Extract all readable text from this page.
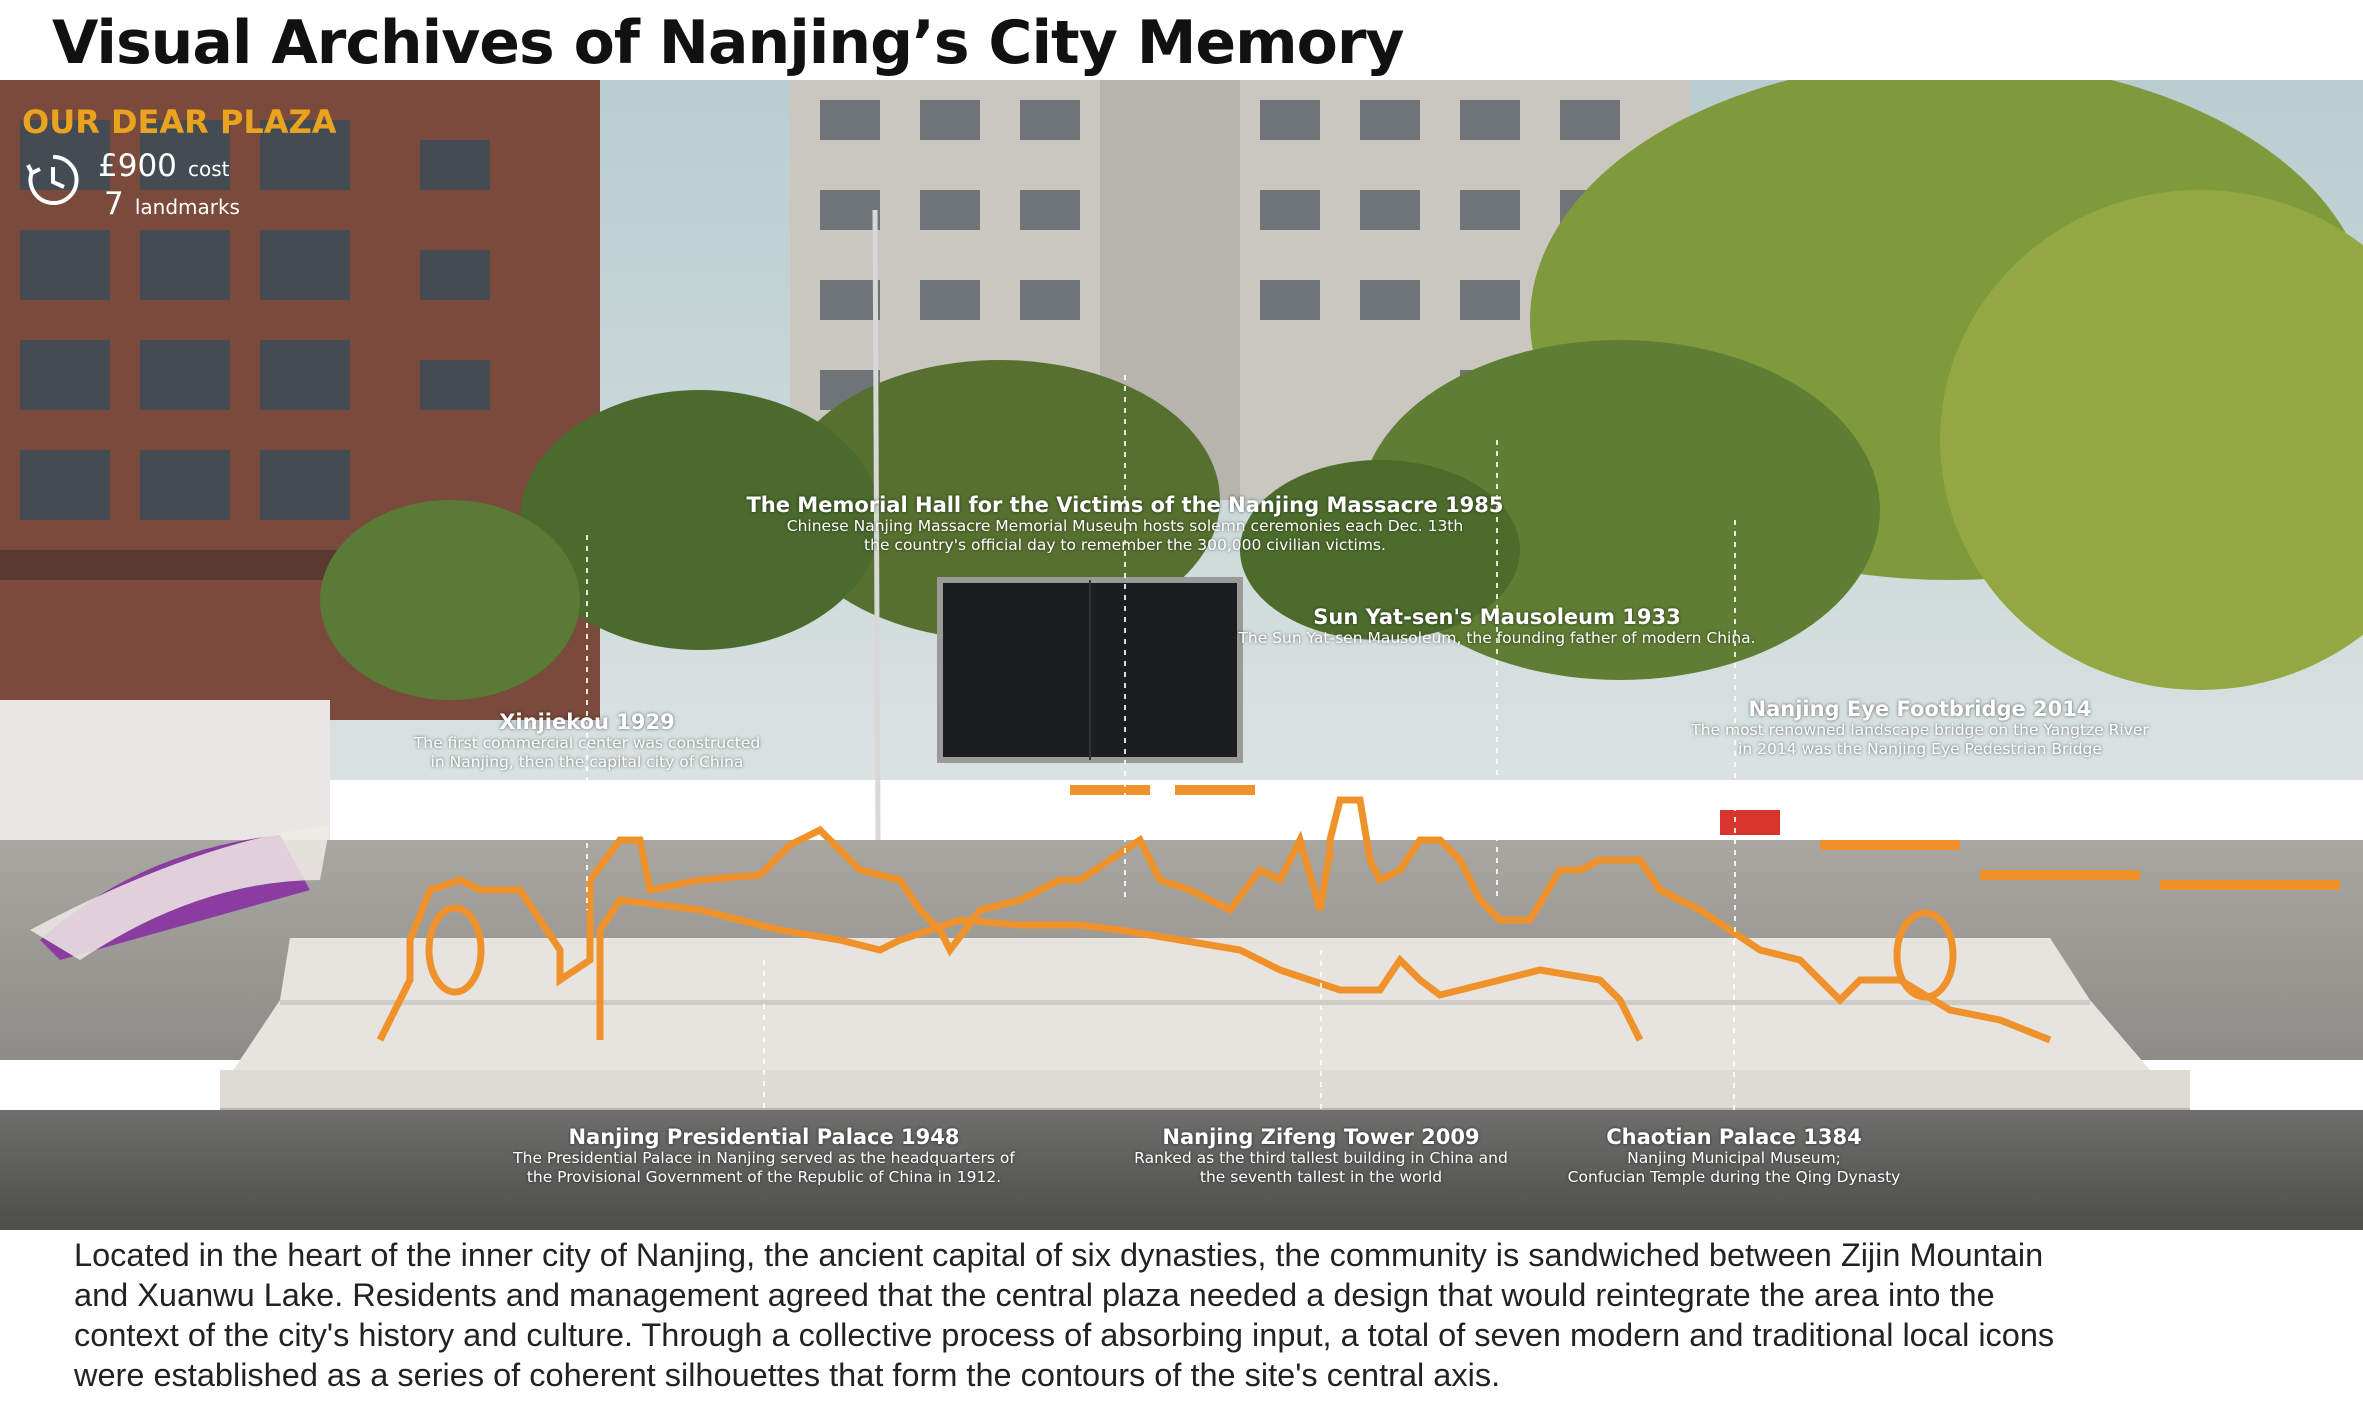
Visual Archives of Nanjing’s City Memory
OUR DEAR PLAZA
£900 cost
7 landmarks
The Memorial Hall for the Victims of the Nanjing Massacre 1985
Chinese Nanjing Massacre Memorial Museum hosts solemn ceremonies each Dec. 13th
the country's official day to remember the 300,000 civilian victims.
Sun Yat-sen's Mausoleum 1933
The Sun Yat-sen Mausoleum, the founding father of modern China.
Xinjiekou 1929
The first commercial center was constructed
in Nanjing, then the capital city of China
Nanjing Eye Footbridge 2014
The most renowned landscape bridge on the Yangtze River
in 2014 was the Nanjing Eye Pedestrian Bridge
Nanjing Presidential Palace 1948
The Presidential Palace in Nanjing served as the headquarters of
the Provisional Government of the Republic of China in 1912.
Nanjing Zifeng Tower 2009
Ranked as the third tallest building in China and
the seventh tallest in the world
Chaotian Palace 1384
Nanjing Municipal Museum;
Confucian Temple during the Qing Dynasty
Located in the heart of the inner city of Nanjing, the ancient capital of six dynasties, the community is sandwiched between Zijin Mountain
and Xuanwu Lake. Residents and management agreed that the central plaza needed a design that would reintegrate the area into the
context of the city's history and culture. Through a collective process of absorbing input, a total of seven modern and traditional local icons
were established as a series of coherent silhouettes that form the contours of the site's central axis.
